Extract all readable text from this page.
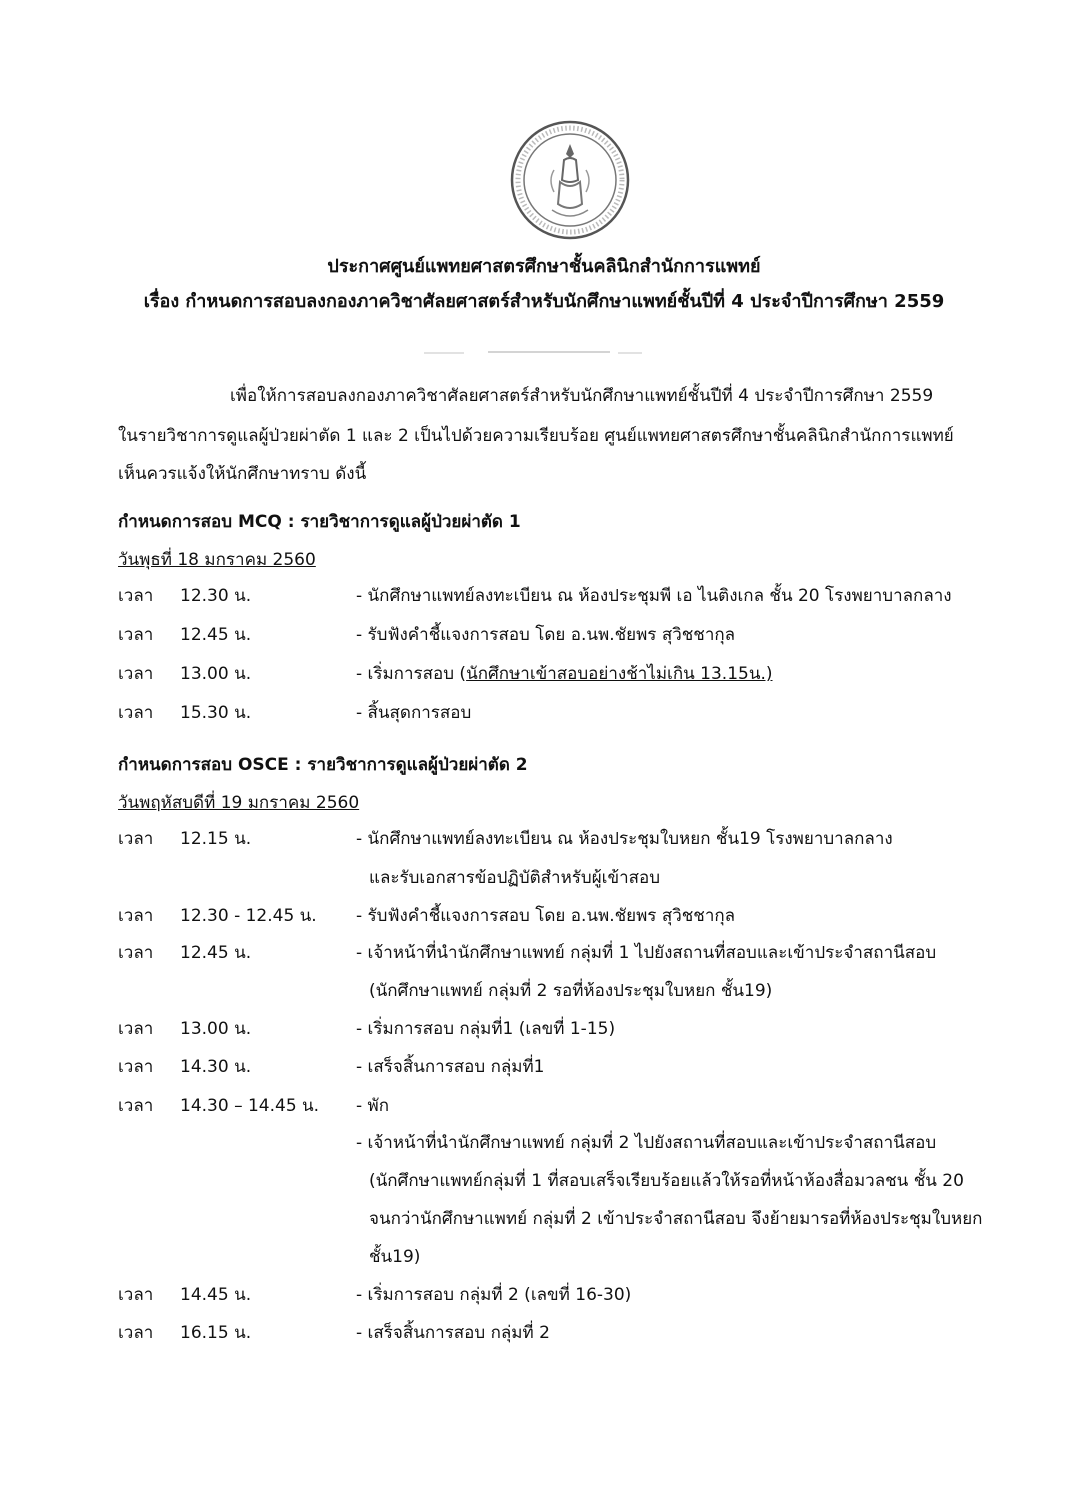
ประกาศศูนย์แพทยศาสตรศึกษาชั้นคลินิกสำนักการแพทย์
เรื่อง กำหนดการสอบลงกองภาควิชาศัลยศาสตร์สำหรับนักศึกษาแพทย์ชั้นปีที่ 4 ประจำปีการศึกษา 2559
เพื่อให้การสอบลงกองภาควิชาศัลยศาสตร์สำหรับนักศึกษาแพทย์ชั้นปีที่ 4 ประจำปีการศึกษา 2559
ในรายวิชาการดูแลผู้ป่วยผ่าตัด 1 และ 2 เป็นไปด้วยความเรียบร้อย ศูนย์แพทยศาสตรศึกษาชั้นคลินิกสำนักการแพทย์
เห็นควรแจ้งให้นักศึกษาทราบ ดังนี้
กำหนดการสอบ MCQ : รายวิชาการดูแลผู้ป่วยผ่าตัด 1
วันพุธที่ 18 มกราคม 2560
เวลา 12.30 น.	- นักศึกษาแพทย์ลงทะเบียน ณ ห้องประชุมพี เอ ไนติงเกล ชั้น 20 โรงพยาบาลกลาง
เวลา 12.45 น.	- รับฟังคำชี้แจงการสอบ โดย อ.นพ.ชัยพร สุวิชชากุล
เวลา 13.00 น.	- เริ่มการสอบ (นักศึกษาเข้าสอบอย่างช้าไม่เกิน 13.15น.)
เวลา 15.30 น.	- สิ้นสุดการสอบ
กำหนดการสอบ OSCE : รายวิชาการดูแลผู้ป่วยผ่าตัด 2
วันพฤหัสบดีที่ 19 มกราคม 2560
เวลา 12.15 น.	- นักศึกษาแพทย์ลงทะเบียน ณ ห้องประชุมใบหยก ชั้น19 โรงพยาบาลกลาง
และรับเอกสารข้อปฏิบัติสำหรับผู้เข้าสอบ
เวลา 12.30 - 12.45 น. - รับฟังคำชี้แจงการสอบ โดย อ.นพ.ชัยพร สุวิชชากุล
เวลา 12.45 น.	- เจ้าหน้าที่นำนักศึกษาแพทย์ กลุ่มที่ 1 ไปยังสถานที่สอบและเข้าประจำสถานีสอบ
(นักศึกษาแพทย์ กลุ่มที่ 2 รอที่ห้องประชุมใบหยก ชั้น19)
เวลา 13.00 น.	- เริ่มการสอบ กลุ่มที่1 (เลขที่ 1-15)
เวลา 14.30 น.	- เสร็จสิ้นการสอบ กลุ่มที่1
เวลา 14.30 – 14.45 น. - พัก
- เจ้าหน้าที่นำนักศึกษาแพทย์ กลุ่มที่ 2 ไปยังสถานที่สอบและเข้าประจำสถานีสอบ
(นักศึกษาแพทย์กลุ่มที่ 1 ที่สอบเสร็จเรียบร้อยแล้วให้รอที่หน้าห้องสื่อมวลชน ชั้น 20
จนกว่านักศึกษาแพทย์ กลุ่มที่ 2 เข้าประจำสถานีสอบ จึงย้ายมารอที่ห้องประชุมใบหยก
ชั้น19)
เวลา 14.45 น.	- เริ่มการสอบ กลุ่มที่ 2 (เลขที่ 16-30)
เวลา 16.15 น.	- เสร็จสิ้นการสอบ กลุ่มที่ 2
